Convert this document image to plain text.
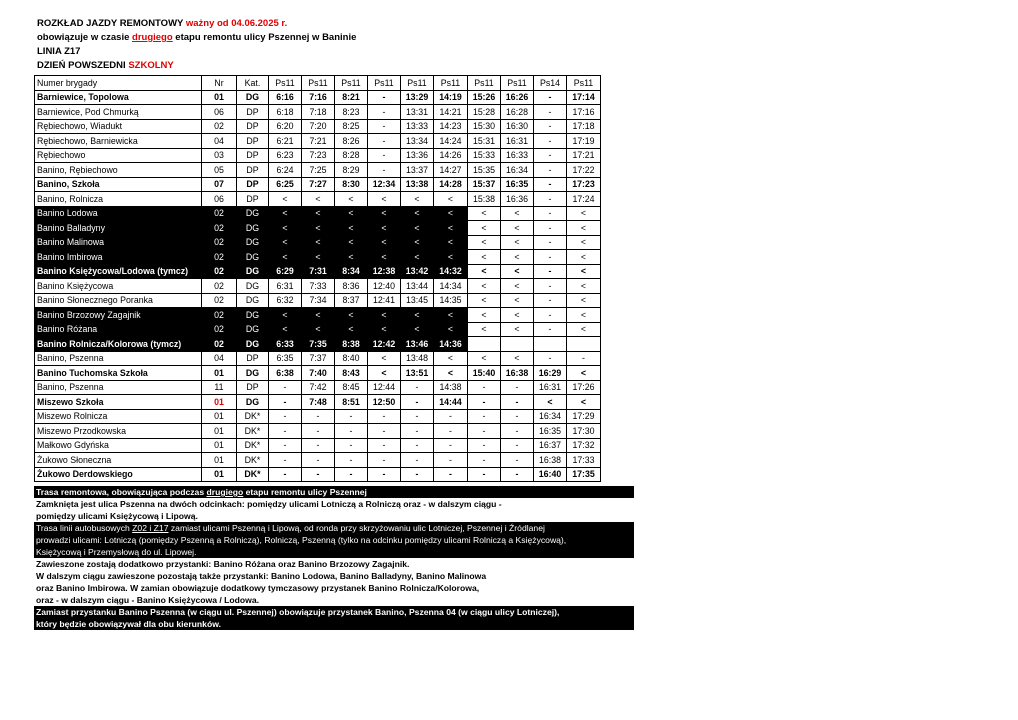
ROZKŁAD JAZDY REMONTOWY ważny od 04.06.2025 r.
obowiązuje w czasie drugiego etapu remontu ulicy Pszennej w Baninie
LINIA Z17
DZIEŃ POWSZEDNI SZKOLNY
Numer brygady	Nr	Kat.	Ps11	Ps11	Ps11	Ps11	Ps11	Ps11	Ps11	Ps11	Ps14	Ps11
Barniewice, Topolowa	01	DG	6:16	7:16	8:21	-	13:29	14:19	15:26	16:26	-	17:14
Barniewice, Pod Chmurką	06	DP	6:18	7:18	8:23	-	13:31	14:21	15:28	16:28	-	17:16
Rębiechowo, Wiadukt	02	DP	6:20	7:20	8:25	-	13:33	14:23	15:30	16:30	-	17:18
Rębiechowo, Barniewicka	04	DP	6:21	7:21	8:26	-	13:34	14:24	15:31	16:31	-	17:19
Rębiechowo	03	DP	6:23	7:23	8:28	-	13:36	14:26	15:33	16:33	-	17:21
Banino, Rębiechowo	05	DP	6:24	7:25	8:29	-	13:37	14:27	15:35	16:34	-	17:22
Banino, Szkoła	07	DP	6:25	7:27	8:30	12:34	13:38	14:28	15:37	16:35	-	17:23
Banino, Rolnicza	06	DP	<	<	<	<	<	<	15:38	16:36	-	17:24
Banino Lodowa	02	DG	<	<	<	<	<	<	<	<	-	<
Banino Balladyny	02	DG	<	<	<	<	<	<	<	<	-	<
Banino Malinowa	02	DG	<	<	<	<	<	<	<	<	-	<
Banino Imbirowa	02	DG	<	<	<	<	<	<	<	<	-	<
Banino Księżycowa/Lodowa (tymcz)	02	DG	6:29	7:31	8:34	12:38	13:42	14:32	<	<	-	<
Banino Księżycowa	02	DG	6:31	7:33	8:36	12:40	13:44	14:34	<	<	-	<
Banino Słonecznego Poranka	02	DG	6:32	7:34	8:37	12:41	13:45	14:35	<	<	-	<
Banino Brzozowy Zagajnik	02	DG	<	<	<	<	<	<	<	<	-	<
Banino Różana	02	DG	<	<	<	<	<	<	<	<	-	<
Banino Rolnicza/Kolorowa (tymcz)	02	DG	6:33	7:35	8:38	12:42	13:46	14:36				
Banino, Pszenna	04	DP	6:35	7:37	8:40	<	13:48	<	<	<	-	-
Banino Tuchomska Szkoła	01	DG	6:38	7:40	8:43	<	13:51	<	15:40	16:38	16:29	<
Banino, Pszenna	11	DP	-	7:42	8:45	12:44	-	14:38	-	-	16:31	17:26
Miszewo Szkoła	01	DG	-	7:48	8:51	12:50	-	14:44	-	-	<	<
Miszewo Rolnicza	01	DK*	-	-	-	-	-	-	-	-	16:34	17:29
Miszewo Przodkowska	01	DK*	-	-	-	-	-	-	-	-	16:35	17:30
Małkowo Gdyńska	01	DK*	-	-	-	-	-	-	-	-	16:37	17:32
Żukowo Słoneczna	01	DK*	-	-	-	-	-	-	-	-	16:38	17:33
Żukowo Derdowskiego	01	DK*	-	-	-	-	-	-	-	-	16:40	17:35
Trasa remontowa, obowiązująca podczas drugiego etapu remontu ulicy Pszennej
Zamknięta jest ulica Pszenna na dwóch odcinkach: pomiędzy ulicami Lotniczą a Rolniczą oraz - w dalszym ciągu -
pomiędzy ulicami Księżycową i Lipową.
Trasa linii autobusowych Z02 i Z17 zamiast ulicami Pszenną i Lipową, od ronda przy skrzyżowaniu ulic Lotniczej, Pszennej i Źródlanej
prowadzi ulicami: Lotniczą (pomiędzy Pszenną a Rolniczą), Rolniczą, Pszenną (tylko na odcinku pomiędzy ulicami Rolniczą a Księżycową),
Księżycową i Przemysłową do ul. Lipowej.
Zawieszone zostają dodatkowo przystanki: Banino Różana oraz Banino Brzozowy Zagajnik.
W dalszym ciągu zawieszone pozostają także przystanki: Banino Lodowa, Banino Balladyny, Banino Malinowa
oraz Banino Imbirowa. W zamian obowiązuje dodatkowy tymczasowy przystanek Banino Rolnicza/Kolorowa,
oraz - w dalszym ciągu - Banino Księżycowa / Lodowa.
Zamiast przystanku Banino Pszenna (w ciągu ul. Pszennej) obowiązuje przystanek Banino, Pszenna 04 (w ciągu ulicy Lotniczej),
który będzie obowiązywał dla obu kierunków.
